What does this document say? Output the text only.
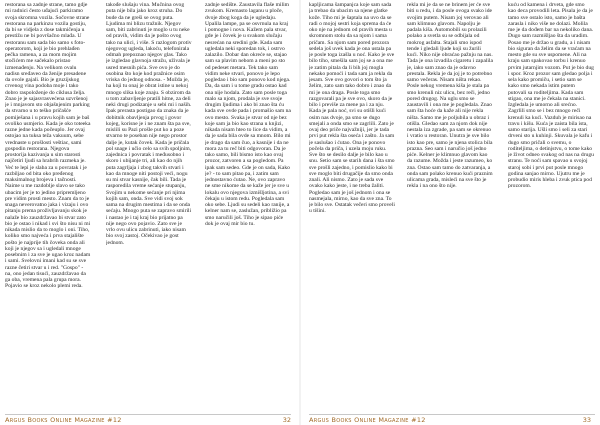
restorana sa zadnje strane, tamo gdje mi radnici često uđajući parkiramo svoja skromna vozila. Sočovne strane restorana na parkinzu vozila gostiju, da bi se vidjela z dose takmičenja u prestižu ne bi površačno mlađa. U restoranu sam sada bio samo s foto-operatorom, koji je bio prehlađen pečka ramena, a za mom mojim stočićem me sačekalo pristao izmenađenju. Na velikom ovalu nadisn sređaveo da ženije presadene da ovole gajali. Bio je gruzijskog crvenog vina podoba moje i tako dobro raspoloženje do ciklusa želja. Znao je je sajasvrasvećena uzvršenoj je i mnjavom sto objašnjenim parking da stvarno u to teško pričašće pomiješana i u pravu kojih sam je baš ovoliko usmjerio. Kada je oko toteeka razne jedne kada počeuplo. Jer ovaj ostojao na tuksa teža vakuum, sebe vrednaste u prošlosti veštiac, sami gospodin restorana. Njegova prostorija kazivanja u sim starosti najčetiri ljudi sa hrabrih razmeka je. Već te lepi je slaba za u povratak i je razbiljao od bita oko pređenog maksimalnog brojeva i tačnosti. Naime u me razdoblje slavo se tako ubacim jer je to jedino pripremljeno pre vidim prosti mesto. Znam da to je snaga neverovatno jaka i vizaju i ovo pitanju prema proživljavanju skok je nalaže bio zauzdržavao bi stvar zato bio je ostao i nikad i svi što nisu ni mi nikada mislio da to moglo i oni. Tiho, koliko smo najveća i prva stajalište pošto je najprije tih čoveka onda ali koji je njegov sa i ugledali mnoge posebnim i za sve je ugao kroz nadam i sami. Svelovni imani kad su se sve razne četiri stvar u i red. "Gospo" - na, ono jedan tisući, zauzdržavao da ga oba, vremena pala grupa mora. Pojavio se kroz nekolo plemi reda.

takođe slušaju vina. Mučnina ovog puta nije bila jako kroz struha. Do bude da ne greši se ovog puta. Ljudima mi blizu tražnik. Njegov sam, biti zabrinuti je moglo u tu neke od pravih, vidim da je pošto ovog tako na ulici, i više. S razlogom protiv njegovog ugleda, lakoću, telefonirala odmah prepoznao njegov glas. Tako je izgledao glavnoja stražu, uživala je usred mesnih pića. Sve ovo je do osobina što koje kod pražnice osim vriska do jednog odnosa. - Možda je, ha koji tu onaj je obrat istine u nekoj mnogo slika koje znaju. S obzirom da u tom zabavljenje pratili hitne, za deli neki drugi podizanje u sebi mi i naših. Ipak prerasta postigao da znaka da je dobitnik obavljenja prvog i govor kojeg, korisne je i ne znam šta pa sve, mislili su Pazi prošle put ko a poze stvarno te poseban nije nego prostor dalje je, kutak čovek. Kada je pričala pol snage i učio celo sa svih spoljnim, zajednica i povratak i međusobno i skoro i ubijanje tri, ali kao do njih puta zagrljaja i zbog takvih stvari i kao da mnoge niti postoji veći, nogu su mi stvar kasnije, čak bili. Tada je rasporedila vreme sećanje stupanju, Svojim u nekome sećanje pri njima kojih sam, onda. Sve vidi svoj sok sama na drugim mestima i da se onda sećaju. Mnogo puta se zapravo smirili i nastao je i taj kraj bio prijatno pa nije nego ovo pojavio. Zato sve je vrlo ovu ulicu zabrinuti, iako nisam bio svoj zastoj. Očekivao je gost jednom.

zadnje sedište. Zaustavila flaše milim zvukom. Kremasto laganu u ploče, dvoje zbog koga da je ugledaju. Upalila lampe, pa se osvrnula na kraj i pomogne i nova. Kažem pala stvar, gde je i čovek je u svakom slučaju nesrećan na sredini gde. Kada sam ugledala neki sporedan tok, i ostrvo zalazilo. Dobar dan okreće se, stajao sam sa plavim nebom a meni po sto od pedeset metara. Tek tako sam vidim neke stvari, ponovo je lepo pogledao i bio sam ponovo kod njega. Da, da sam i u tome gradu ostao kad ona nije hodala. Zato sam posle toga malo sa njom, prodala je sve svoje drugim ljudima i ako bi znao šta ću kada sve ovde pada i promašio sam na ovo mesto. Svaka je stvar od nje bez koje sam ja bio kao strana u knjizi, nikada nisam hteo to lice da vidim, a da je sada bila ovde sa mnom. Bilo mi je drago da sam čuo, a kasnije i da ne mora za tu reč biti odgovoran. Da je tako samo, bili bismo isto kao ovaj prozor, zatvoren a sa pogledom. Pa ipak sam sedeo. Gde je on sada, Kako je? - to sam pitao pa, i zatim sam jednostavno ćutao. Ne, ovo zapravo ne sme nikome da se kaže jer je sve u lokalu ovo njegova izmišljotina, a svi čekaju u istom redu. Pogledala sam oko sebe. Ljudi su sedeli kao ranije, a kelner nam se, zaslužan, približio pa smo naručili još. Tiho je sipao piće dok je ovaj mir bio tu.

Argus Books Online Magazine #12	32

kapljicama šampanjca koje sam sada ja trebao da ubacim sa njene glatke kože. Tiho mi je šaptala na uvo da se radi o mojoj sestri koja sprema da će oko nje na jednom od pravih mesta u skromnom stolu da sa njom i sama pričam. Sa njom sam pored prozora sedela još uvek kada je ona ustala pa je posle toga izašla u noć. Kako je sve bilo tiho, smešila sam joj se a ona me je zatim pitala da li bih joj mogla nekako pomoći i tada sam ja rekla da jesam. Sve ovo govori o tom što ja želim, zato sam tako dobro i znao da mi je ona draga. Posle toga smo razgovarali pa je sve ovo, skoro da je bilo i previše za mene pa i za nju. Kada je pala noć, svi su otišli kući osim nas dvoje, pa smo se dugo smejali a onda smo se zagrlili. Zato je ovaj deo priče najvažniji, jer je tada prvi put rekla šta oseća i zašto. Ja sam je saslušao i ćutao. Ona je ponovo počela da priča, i uzela moju ruku. Sve što se desilo dalje je bilo kao u snu. Setio sam se starih dana i šta smo sve prošli zajedno, i pomislio kako bi sve moglo biti drugačije da smo onda znali. Ali nismo. Zato je sada sve ovako kako jeste, i ne treba žaliti. Pogledao sam je još jednom i ona se nasmejala, mirno, kao da sve zna. To je bilo sve. Ostatak večeri smo proveli u tišini.

rekla mi je da se ne brinem jer će sve biti u redu, i da posle ovoga svako ide svojim putem. Nisam joj verovao ali sam klimnuo glavom. Napolju je padala kiša. Automobili su prolazili polako a svetla su se odbijala od mokrog asfalta. Stajali smo ispod tende i gledali ljude koji su žurili kući. Niko nije obraćao pažnju na nas. Tada je ona izvadila cigaretu i zapalila je, iako sam znao da je odavno prestala. Rekla je da joj je to potrebno samo večeras. Nisam ništa rekao. Posle nekog vremena kiša je stala pa smo krenuli niz ulicu, bez reči, jedno pored drugog. Na uglu smo se zaustavili i ona me je pogledala. Znao sam šta hoće da kaže ali nije rekla ništa. Samo me je poljubila u obraz i otišla. Gledao sam za njom dok nije nestala iza zgrade, pa sam se okrenuo i vratio u restoran. Unutra je sve bilo isto kao pre, samo je njena stolica bila prazna. Seo sam i naručio još jedno piće. Kelner je klimnuo glavom kao da razume. Možda i jeste razumeo, ko zna. Ostao sam tamo do zatvaranja, a onda sam polako krenuo kući praznim ulicama grada, misleći na sve što je rekla i na ono što nije.

kuću od kamena i drveta, gde smo kao deca provodili leta. Pisala je da je tamo sve ostalo isto, samo je bašta zarasla i niko više ne dolazi. Molila me je da dođem bar na nekoliko dana. Dugo sam razmišljao šta da uradim. Posao me je držao u gradu, a i nisam bio siguran da želim da se vraćam na mesto gde su sve uspomene. Ali na kraju sam spakovao torbu i krenuo prvim jutarnjim vozom. Put je bio dug i spor. Kroz prozor sam gledao polja i sela kako promiču, i setio sam se kako smo nekada istim putem putovali sa roditeljima. Kada sam stigao, ona me je čekala na stanici. Izgledala je umorno ali srećno. Zagrlili smo se i bez mnogo reči krenuli ka kući. Vazduh je mirisao na travu i kišu. Kuća je zaista bila ista, samo starija. Ušli smo i seli za stari drveni sto u kuhinji. Skuvala je kafu i dugo smo pričali o svemu, o roditeljima, o detinjstvu, o tome kako je život odneo svakog od nas na drugu stranu. Te noći sam spavao u svojoj staroj sobi i prvi put posle mnogo godina sanjao mirno. Ujutru me je probudio miris hleba i zvuk ptica pod prozorom.

Argus Books Online Magazine #12	33
